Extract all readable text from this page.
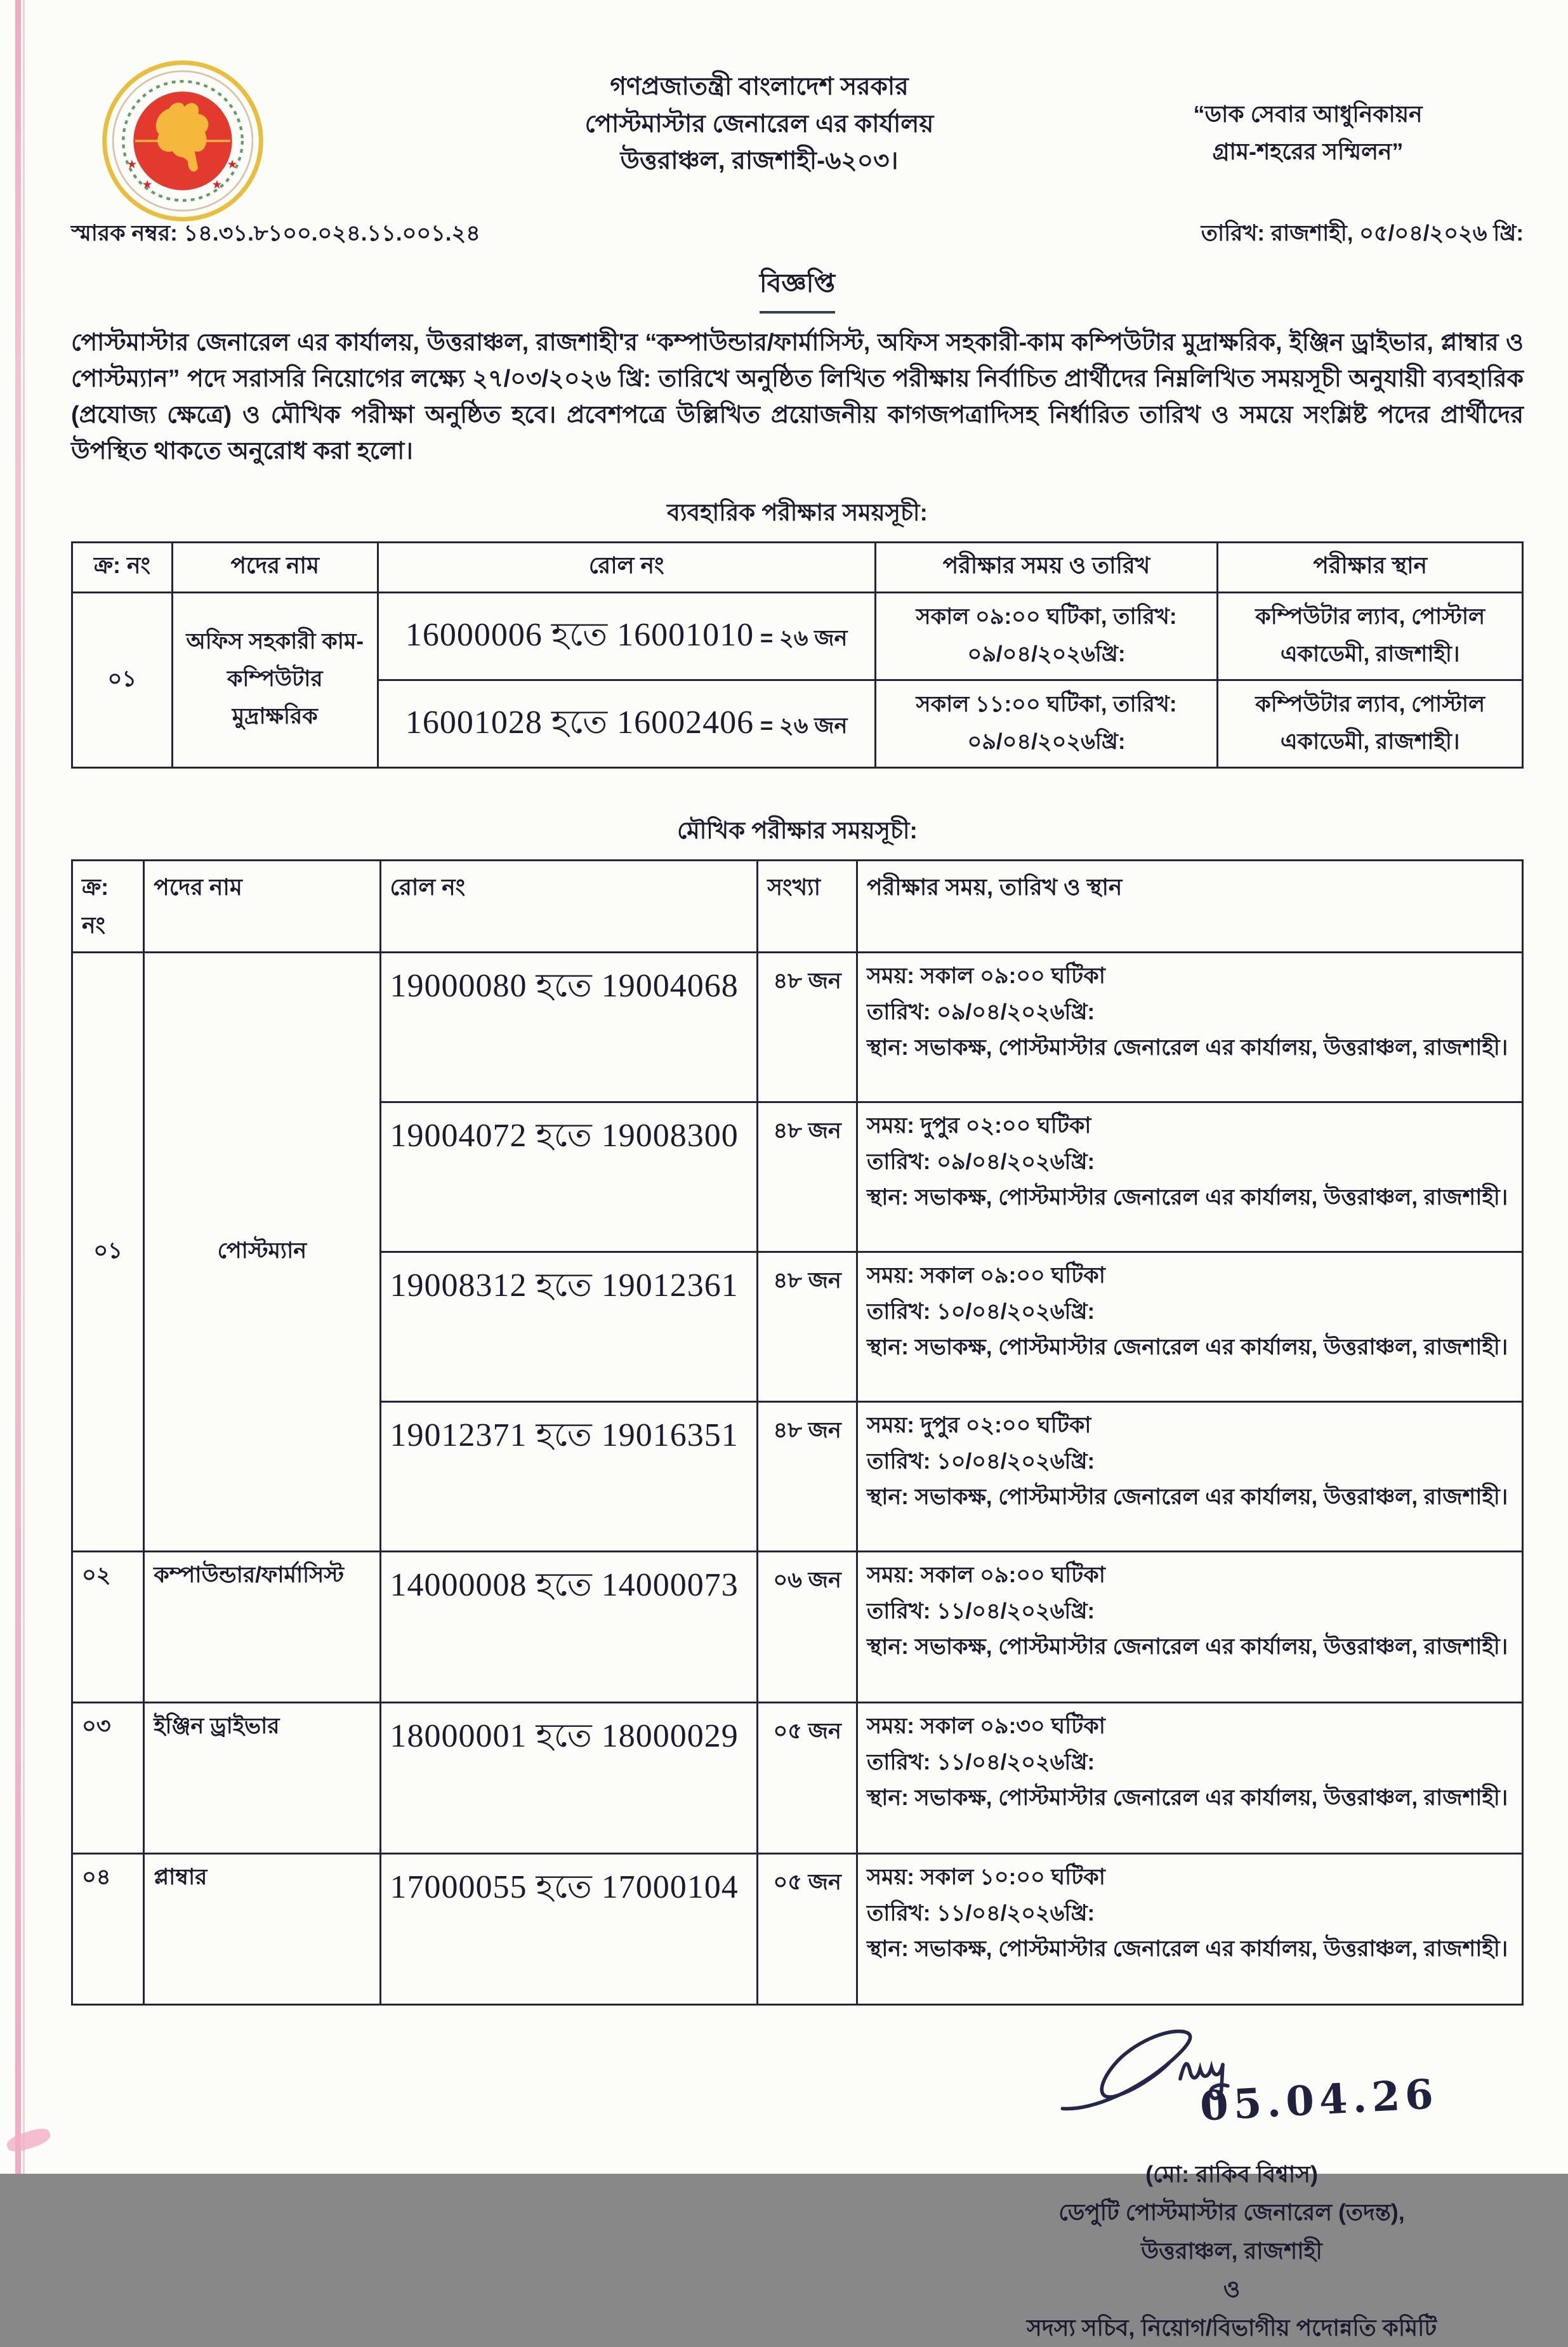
★
★	★
★
গণপ্রজাতন্ত্রী বাংলাদেশ সরকার
পোস্টমাস্টার জেনারেল এর কার্যালয়
উত্তরাঞ্চল, রাজশাহী-৬২০৩।
“ডাক সেবার আধুনিকায়ন
গ্রাম-শহরের সম্মিলন”
স্মারক নম্বর: ১৪.৩১.৮১০০.০২৪.১১.০০১.২৪	তারিখ: রাজশাহী, ০৫/০৪/২০২৬ খ্রি:
বিজ্ঞপ্তি

পোস্টমাস্টার জেনারেল এর কার্যালয়, উত্তরাঞ্চল, রাজশাহী'র “কম্পাউন্ডার/ফার্মাসিস্ট, অফিস সহকারী-কাম কম্পিউটার মুদ্রাক্ষরিক, ইঞ্জিন ড্রাইভার, প্লাম্বার ও পোস্টম্যান” পদে সরাসরি নিয়োগের লক্ষ্যে ২৭/০৩/২০২৬ খ্রি: তারিখে অনুষ্ঠিত লিখিত পরীক্ষায় নির্বাচিত প্রার্থীদের নিম্নলিখিত সময়সূচী অনুযায়ী ব্যবহারিক (প্রযোজ্য ক্ষেত্রে) ও মৌখিক পরীক্ষা অনুষ্ঠিত হবে। প্রবেশপত্রে উল্লিখিত প্রয়োজনীয় কাগজপত্রাদিসহ নির্ধারিত তারিখ ও সময়ে সংশ্লিষ্ট পদের প্রার্থীদের উপস্থিত থাকতে অনুরোধ করা হলো।

ব্যবহারিক পরীক্ষার সময়সূচী:
ক্র: নং	পদের নাম	রোল নং	পরীক্ষার সময় ও তারিখ	পরীক্ষার স্থান
০১	অফিস সহকারী কাম-কম্পিউটার মুদ্রাক্ষরিক	16000006 হতে 16001010 = ২৬ জন	সকাল ০৯:০০ ঘটিকা, তারিখ: ০৯/০৪/২০২৬খ্রি:	কম্পিউটার ল্যাব, পোস্টাল একাডেমী, রাজশাহী।
		16001028 হতে 16002406 = ২৬ জন	সকাল ১১:০০ ঘটিকা, তারিখ: ০৯/০৪/২০২৬খ্রি:	কম্পিউটার ল্যাব, পোস্টাল একাডেমী, রাজশাহী।
মৌখিক পরীক্ষার সময়সূচী:
ক্র: নং	পদের নাম	রোল নং	সংখ্যা	পরীক্ষার সময়, তারিখ ও স্থান
০১	পোস্টম্যান	19000080 হতে 19004068	৪৮ জন	সময়: সকাল ০৯:০০ ঘটিকা
তারিখ: ০৯/০৪/২০২৬খ্রি:
স্থান: সভাকক্ষ, পোস্টমাস্টার জেনারেল এর কার্যালয়, উত্তরাঞ্চল, রাজশাহী।

		19004072 হতে 19008300	৪৮ জন	সময়: দুপুর ০২:০০ ঘটিকা
তারিখ: ০৯/০৪/২০২৬খ্রি:
স্থান: সভাকক্ষ, পোস্টমাস্টার জেনারেল এর কার্যালয়, উত্তরাঞ্চল, রাজশাহী।

		19008312 হতে 19012361	৪৮ জন	সময়: সকাল ০৯:০০ ঘটিকা
তারিখ: ১০/০৪/২০২৬খ্রি:
স্থান: সভাকক্ষ, পোস্টমাস্টার জেনারেল এর কার্যালয়, উত্তরাঞ্চল, রাজশাহী।

		19012371 হতে 19016351	৪৮ জন	সময়: দুপুর ০২:০০ ঘটিকা
তারিখ: ১০/০৪/২০২৬খ্রি:
স্থান: সভাকক্ষ, পোস্টমাস্টার জেনারেল এর কার্যালয়, উত্তরাঞ্চল, রাজশাহী।

০২	কম্পাউন্ডার/ফার্মাসিস্ট	14000008 হতে 14000073	০৬ জন	সময়: সকাল ০৯:০০ ঘটিকা
তারিখ: ১১/০৪/২০২৬খ্রি:
স্থান: সভাকক্ষ, পোস্টমাস্টার জেনারেল এর কার্যালয়, উত্তরাঞ্চল, রাজশাহী।

০৩	ইঞ্জিন ড্রাইভার	18000001 হতে 18000029	০৫ জন	সময়: সকাল ০৯:৩০ ঘটিকা
তারিখ: ১১/০৪/২০২৬খ্রি:
স্থান: সভাকক্ষ, পোস্টমাস্টার জেনারেল এর কার্যালয়, উত্তরাঞ্চল, রাজশাহী।

০৪	প্লাম্বার	17000055 হতে 17000104	০৫ জন	সময়: সকাল ১০:০০ ঘটিকা
তারিখ: ১১/০৪/২০২৬খ্রি:
স্থান: সভাকক্ষ, পোস্টমাস্টার জেনারেল এর কার্যালয়, উত্তরাঞ্চল, রাজশাহী।
05.04.26
(মো: রাকিব বিশ্বাস)
ডেপুটি পোস্টমাস্টার জেনারেল (তদন্ত),
উত্তরাঞ্চল, রাজশাহী
ও
সদস্য সচিব, নিয়োগ/বিভাগীয় পদোন্নতি কমিটি
